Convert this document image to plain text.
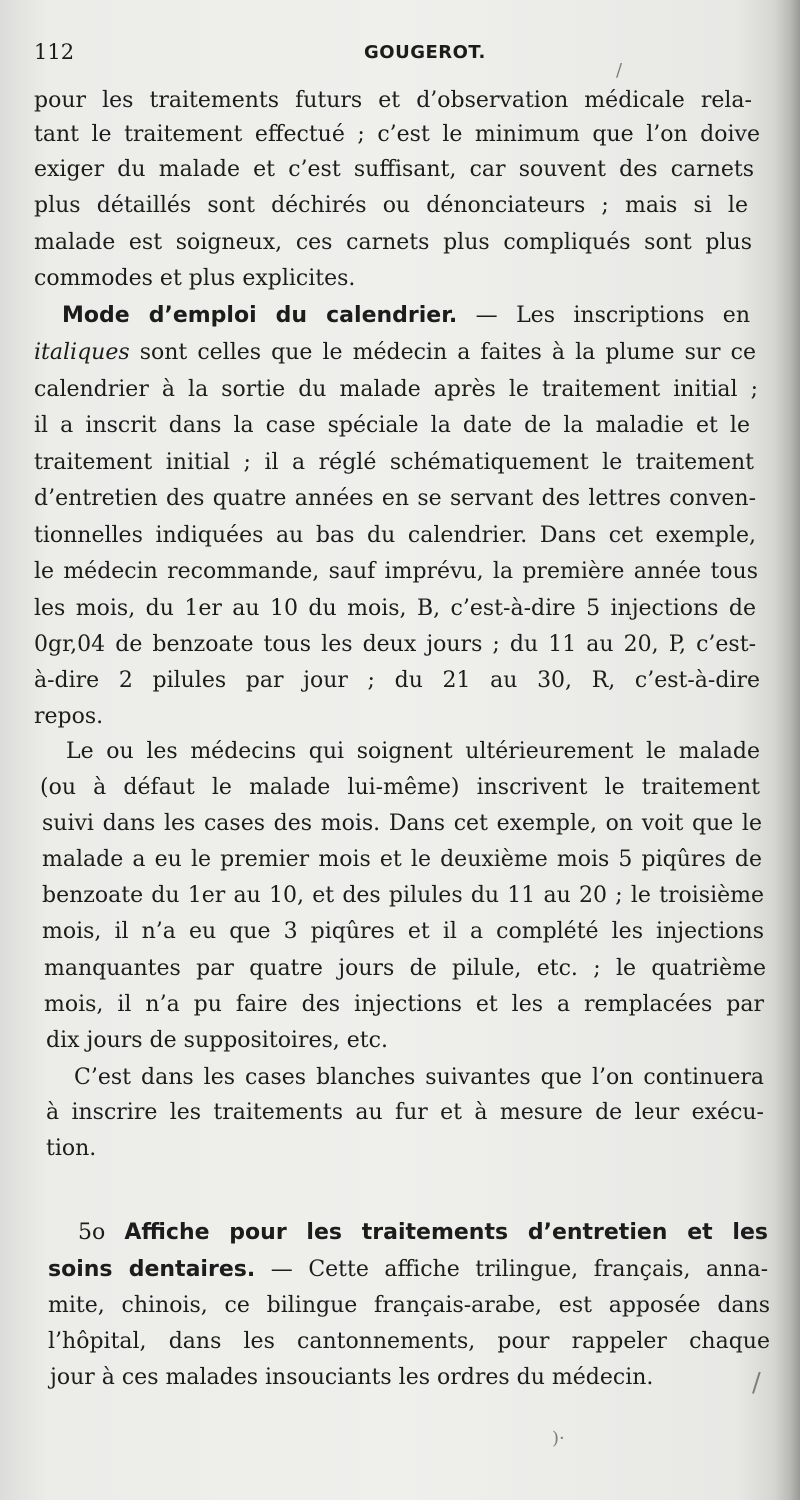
112	GOUGEROT.
pour les traitements futurs et d’observation médicale rela-
tant le traitement effectué ; c’est le minimum que l’on doive
exiger du malade et c’est suffisant, car souvent des carnets
plus détaillés sont déchirés ou dénonciateurs ; mais si le
malade est soigneux, ces carnets plus compliqués sont plus
commodes et plus explicites.
Mode d’emploi du calendrier. — Les inscriptions en
italiques sont celles que le médecin a faites à la plume sur ce
calendrier à la sortie du malade après le traitement initial ;
il a inscrit dans la case spéciale la date de la maladie et le
traitement initial ; il a réglé schématiquement le traitement
d’entretien des quatre années en se servant des lettres conven-
tionnelles indiquées au bas du calendrier. Dans cet exemple,
le médecin recommande, sauf imprévu, la première année tous
les mois, du 1er au 10 du mois, B, c’est-à-dire 5 injections de
0gr,04 de benzoate tous les deux jours ; du 11 au 20, P, c’est-
à-dire 2 pilules par jour ; du 21 au 30, R, c’est-à-dire
repos.
Le ou les médecins qui soignent ultérieurement le malade
(ou à défaut le malade lui-même) inscrivent le traitement
suivi dans les cases des mois. Dans cet exemple, on voit que le
malade a eu le premier mois et le deuxième mois 5 piqûres de
benzoate du 1er au 10, et des pilules du 11 au 20 ; le troisième
mois, il n’a eu que 3 piqûres et il a complété les injections
manquantes par quatre jours de pilule, etc. ; le quatrième
mois, il n’a pu faire des injections et les a remplacées par
dix jours de suppositoires, etc.
C’est dans les cases blanches suivantes que l’on continuera
à inscrire les traitements au fur et à mesure de leur exécu-
tion.
5o Affiche pour les traitements d’entretien et les
soins dentaires. — Cette affiche trilingue, français, anna-
mite, chinois, ce bilingue français-arabe, est apposée dans
l’hôpital, dans les cantonnements, pour rappeler chaque
jour à ces malades insouciants les ordres du médecin.	/
)·
/
